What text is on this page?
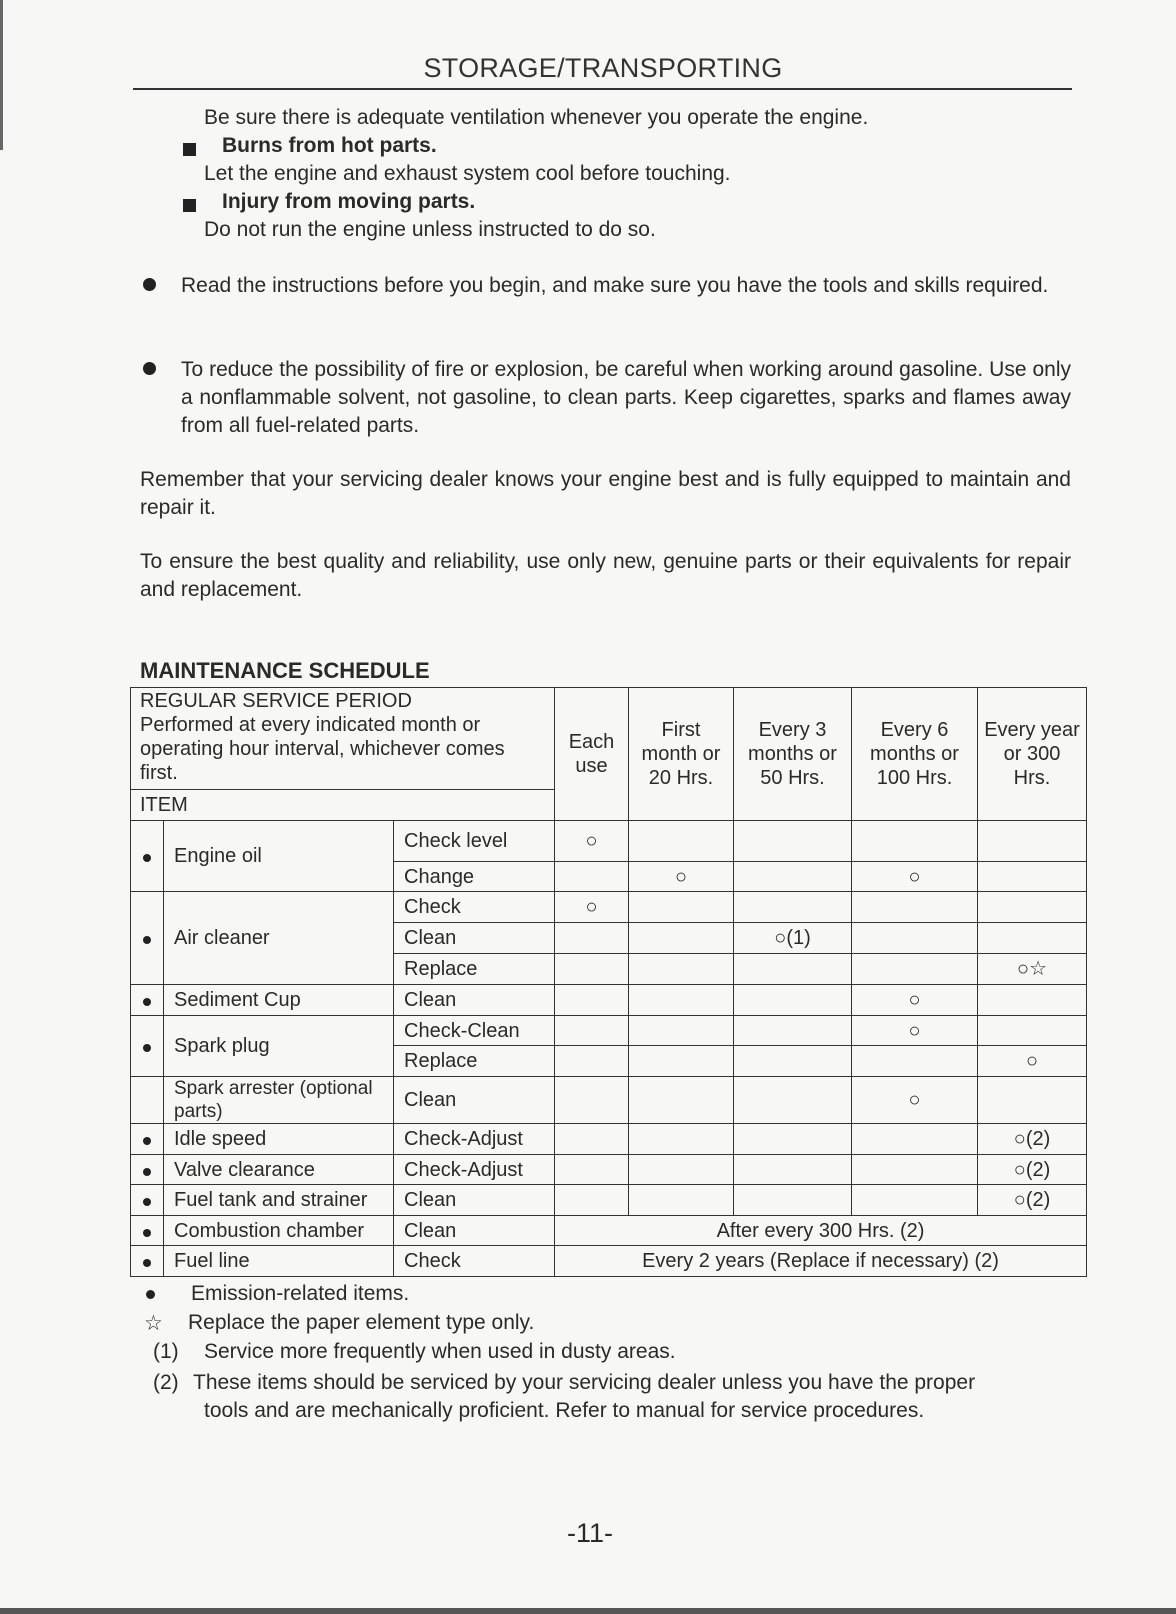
STORAGE/TRANSPORTING
Be sure there is adequate ventilation whenever you operate the engine.
Burns from hot parts.
Let the engine and exhaust system cool before touching.
Injury from moving parts.
Do not run the engine unless instructed to do so.
Read the instructions before you begin, and make sure you have the tools and skills required.
To reduce the possibility of fire or explosion, be careful when working around gasoline. Use only a nonflammable solvent, not gasoline, to clean parts. Keep cigarettes, sparks and flames away from all fuel-related parts.
Remember that your servicing dealer knows your engine best and is fully equipped to maintain and repair it.
To ensure the best quality and reliability, use only new, genuine parts or their equivalents for repair and replacement.
MAINTENANCE SCHEDULE
REGULAR SERVICE PERIOD
Performed at every indicated month or operating hour interval, whichever comes first.
ITEM			Each use	First month or 20 Hrs.	Every 3 months or 50 Hrs.	Every 6 months or 100 Hrs.	Every year or 300 Hrs.
	Engine oil	Check level	○				
		Change		○		○	
	Air cleaner	Check	○				
		Clean			○(1)		
		Replace					○☆
	Sediment Cup	Clean				○	
	Spark plug	Check-Clean				○	
		Replace					○
	Spark arrester (optional parts)	Clean				○	
	Idle speed	Check-Adjust					○(2)
	Valve clearance	Check-Adjust					○(2)
	Fuel tank and strainer	Clean					○(2)
	Combustion chamber	Clean	After every 300 Hrs. (2)				
	Fuel line	Check	Every 2 years (Replace if necessary) (2)				
Emission-related items.
☆ Replace the paper element type only.
(1) Service more frequently when used in dusty areas.
(2) These items should be serviced by your servicing dealer unless you have the proper
tools and are mechanically proficient. Refer to manual for service procedures.
-11-
